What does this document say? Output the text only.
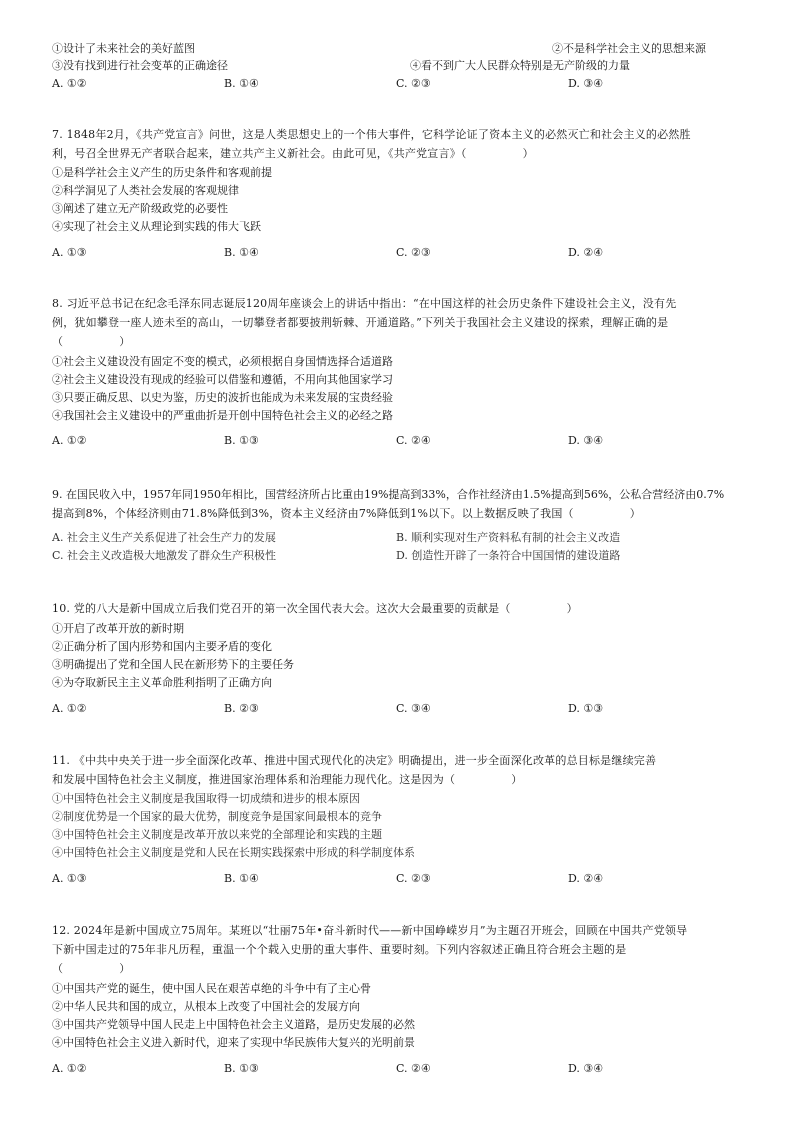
①设计了未来社会的美好蓝图	②不是科学社会主义的思想来源
③没有找到进行社会变革的正确途径	④看不到广大人民群众特别是无产阶级的力量
A. ①②	B. ①④	C. ②③	D. ③④
7. 1848年2月，《共产党宣言》问世，这是人类思想史上的一个伟大事件，它科学论证了资本主义的必然灭亡和社会主义的必然胜
利，号召全世界无产者联合起来，建立共产主义新社会。由此可见，《共产党宣言》（　　　　　）
①是科学社会主义产生的历史条件和客观前提
②科学洞见了人类社会发展的客观规律
③阐述了建立无产阶级政党的必要性
④实现了社会主义从理论到实践的伟大飞跃
A. ①③	B. ①④	C. ②③	D. ②④
8. 习近平总书记在纪念毛泽东同志诞辰120周年座谈会上的讲话中指出：“在中国这样的社会历史条件下建设社会主义，没有先
例，犹如攀登一座人迹未至的高山，一切攀登者都要披荆斩棘、开通道路。”下列关于我国社会主义建设的探索，理解正确的是
（　　　　　）
①社会主义建设没有固定不变的模式，必须根据自身国情选择合适道路
②社会主义建设没有现成的经验可以借鉴和遵循，不用向其他国家学习
③只要正确反思、以史为鉴，历史的波折也能成为未来发展的宝贵经验
④我国社会主义建设中的严重曲折是开创中国特色社会主义的必经之路
A. ①②	B. ①③	C. ②④	D. ③④
9. 在国民收入中，1957年同1950年相比，国营经济所占比重由19%提高到33%，合作社经济由1.5%提高到56%，公私合营经济由0.7%
提高到8%，个体经济则由71.8%降低到3%，资本主义经济由7%降低到1%以下。以上数据反映了我国（　　　　　）
A. 社会主义生产关系促进了社会生产力的发展	B. 顺利实现对生产资料私有制的社会主义改造
C. 社会主义改造极大地激发了群众生产积极性	D. 创造性开辟了一条符合中国国情的建设道路
10. 党的八大是新中国成立后我们党召开的第一次全国代表大会。这次大会最重要的贡献是（　　　　　）
①开启了改革开放的新时期
②正确分析了国内形势和国内主要矛盾的变化
③明确提出了党和全国人民在新形势下的主要任务
④为夺取新民主主义革命胜利指明了正确方向
A. ①②	B. ②③	C. ③④	D. ①③
11. 《中共中央关于进一步全面深化改革、推进中国式现代化的决定》明确提出，进一步全面深化改革的总目标是继续完善
和发展中国特色社会主义制度，推进国家治理体系和治理能力现代化。这是因为（　　　　　）
①中国特色社会主义制度是我国取得一切成绩和进步的根本原因
②制度优势是一个国家的最大优势，制度竞争是国家间最根本的竞争
③中国特色社会主义制度是改革开放以来党的全部理论和实践的主题
④中国特色社会主义制度是党和人民在长期实践探索中形成的科学制度体系
A. ①③	B. ①④	C. ②③	D. ②④
12. 2024年是新中国成立75周年。某班以“壮丽75年•奋斗新时代——新中国峥嵘岁月”为主题召开班会，回顾在中国共产党领导
下新中国走过的75年非凡历程，重温一个个载入史册的重大事件、重要时刻。下列内容叙述正确且符合班会主题的是
（　　　　　）
①中国共产党的诞生，使中国人民在艰苦卓绝的斗争中有了主心骨
②中华人民共和国的成立，从根本上改变了中国社会的发展方向
③中国共产党领导中国人民走上中国特色社会主义道路，是历史发展的必然
④中国特色社会主义进入新时代，迎来了实现中华民族伟大复兴的光明前景
A. ①②	B. ①③	C. ②④	D. ③④
